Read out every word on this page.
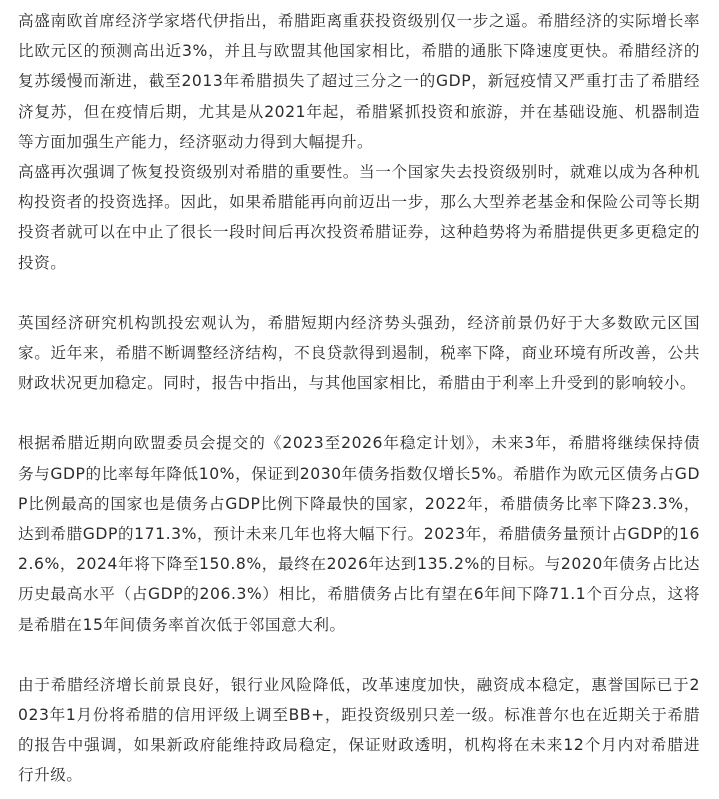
高盛南欧首席经济学家塔代伊指出，希腊距离重获投资级别仅一步之遥。希腊经济的实际增长率比欧元区的预测高出近3%，并且与欧盟其他国家相比，希腊的通胀下降速度更快。希腊经济的复苏缓慢而渐进，截至2013年希腊损失了超过三分之一的GDP，新冠疫情又严重打击了希腊经济复苏，但在疫情后期，尤其是从2021年起，希腊紧抓投资和旅游，并在基础设施、机器制造等方面加强生产能力，经济驱动力得到大幅提升。

高盛再次强调了恢复投资级别对希腊的重要性。当一个国家失去投资级别时，就难以成为各种机构投资者的投资选择。因此，如果希腊能再向前迈出一步，那么大型养老基金和保险公司等长期投资者就可以在中止了很长一段时间后再次投资希腊证券，这种趋势将为希腊提供更多更稳定的投资。

英国经济研究机构凯投宏观认为，希腊短期内经济势头强劲，经济前景仍好于大多数欧元区国家。近年来，希腊不断调整经济结构，不良贷款得到遏制，税率下降，商业环境有所改善，公共财政状况更加稳定。同时，报告中指出，与其他国家相比，希腊由于利率上升受到的影响较小。

根据希腊近期向欧盟委员会提交的《2023至2026年稳定计划》，未来3年，希腊将继续保持债务与GDP的比率每年降低10%，保证到2030年债务指数仅增长5%。希腊作为欧元区债务占GDP比例最高的国家也是债务占GDP比例下降最快的国家，2022年，希腊债务比率下降23.3%，达到希腊GDP的171.3%，预计未来几年也将大幅下行。2023年，希腊债务量预计占GDP的162.6%，2024年将下降至150.8%，最终在2026年达到135.2%的目标。与2020年债务占比达历史最高水平（占GDP的206.3%）相比，希腊债务占比有望在6年间下降71.1个百分点，这将是希腊在15年间债务率首次低于邻国意大利。

由于希腊经济增长前景良好，银行业风险降低，改革速度加快，融资成本稳定，惠誉国际已于2023年1月份将希腊的信用评级上调至BB+，距投资级别只差一级。标准普尔也在近期关于希腊的报告中强调，如果新政府能维持政局稳定，保证财政透明，机构将在未来12个月内对希腊进行升级。
